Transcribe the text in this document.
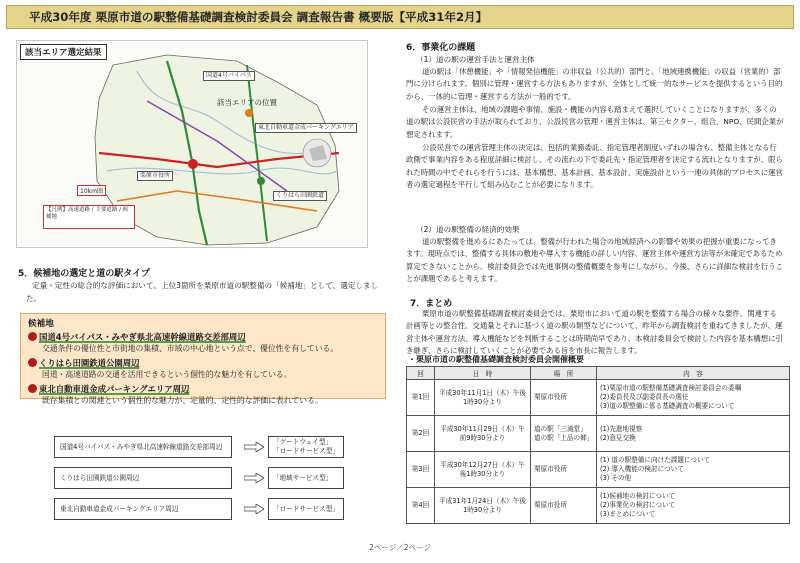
平成30年度 栗原市道の駅整備基礎調査検討委員会 調査報告書 概要版【平成31年2月】
該当エリア選定結果
該当エリアの位置
国道4号バイパス
東北自動車道金成パーキングエリア
くりはら田園鉄道
栗原市役所
10km圏
【凡例】高速道路 / 主要道路 / 候補地
5．候補地の選定と道の駅タイプ
定量・定性の総合的な評価において、上位3箇所を栗原市道の駅整備の「候補地」として、選定しました。
候補地
国道4号バイパス・みやぎ県北高速幹線道路交差部周辺
交通条件の優位性と市街地の集積、市域の中心地という点で、優位性を有している。
くりはら田園鉄道公園周辺
国道・高速道路の交通を活用できるという個性的な魅力を有している。
東北自動車道金成パーキングエリア周辺
既存集積との関連という個性的な魅力が、定量的、定性的な評価に表れている。
国道4号バイパス・みやぎ県北高速幹線道路交差部周辺
「ゲートウェイ型」
「ロードサービス型」
くりはら田園鉄道公園周辺	「地域サービス型」
東北自動車道金成パーキングエリア周辺	「ロードサービス型」
6．事業化の課題
（1）道の駅の運営手法と運営主体
道の駅は「休憩機能」や「情報発信機能」の非収益（公共的）部門と、「地域連携機能」の収益（営業的）部門に分けられます。個別に管理・運営する方法もありますが、全体として統一的なサービスを提供するという目的から、一体的に管理・運営する方法が一般的です。
その運営主体は、地域の課題や事情、施設・機能の内容も踏まえて選択していくことになりますが、多くの道の駅は公設民営の手法が取られており、公設民営の管理・運営主体は、第三セクター、組合、NPO、民間企業が想定されます。
公設民営での運営管理主体の決定は、包括的業務委託、指定管理者制度いずれの場合も、整備主体となる行政側で事業内容をある程度詳細に検討し、その流れの下で委託先・指定管理者を決定する流れとなりますが、限られた時間の中でそれらを行うには、基本構想、基本計画、基本設計、実施設計という一連の具体的プロセスに運営者の選定過程を平行して組み込むことが必要になります。
（2）道の駅整備の経済的効果
道の駅整備を進めるにあたっては、整備が行われた場合の地域経済への影響や効果の把握が重要になってきます。現時点では、整備する具体の敷地や導入する機能の詳しい内容、運営主体や運営方法等が未確定であるため算定できないことから、検討委員会では先進事例の整備概要を参考にしながら、今後、さらに詳細な検討を行うことが課題であると考えます。
7．まとめ
栗原市道の駅整備基礎調査検討委員会では、栗原市において道の駅を整備する場合の様々な要件、関連する計画等との整合性、交通量とそれに基づく道の駅の類型などについて、昨年から調査検討を重ねてきましたが、運営主体や運営方法、導入機能などを判断することは時期尚早であり、本検討委員会で検討した内容を基本構想に引き継ぎ、さらに検討していくことが必要である旨を市長に報告します。
・栗原市道の駅整備基礎調査検討委員会開催概要
回	日　時	場　所	内　容
第1回	平成30年11月1日（木）午後1時30分より	栗原市役所	(1)栗原市道の駅整備基礎調査検討委員会の委嘱
(2)委員長及び副委員長の選任
(3)道の駅整備に係る基礎調査の概要について

第2回	平成30年11月29日（木）午前9時30分より	道の駅「三滝堂」道の駅「上品の郷」	(1)先進地視察
(2)意見交換

第3回	平成30年12月27日（木）午後1時30分より	栗原市役所	(1) 道の駅整備に向けた課題について
(2) 導入機能の検討について
(3) その他

第4回	平成31年1月24日（木）午後1時30分より	栗原市役所	(1)候補地の検討について
(2)事業化の検討について
(3)まとめについて
2ページ／2ページ
